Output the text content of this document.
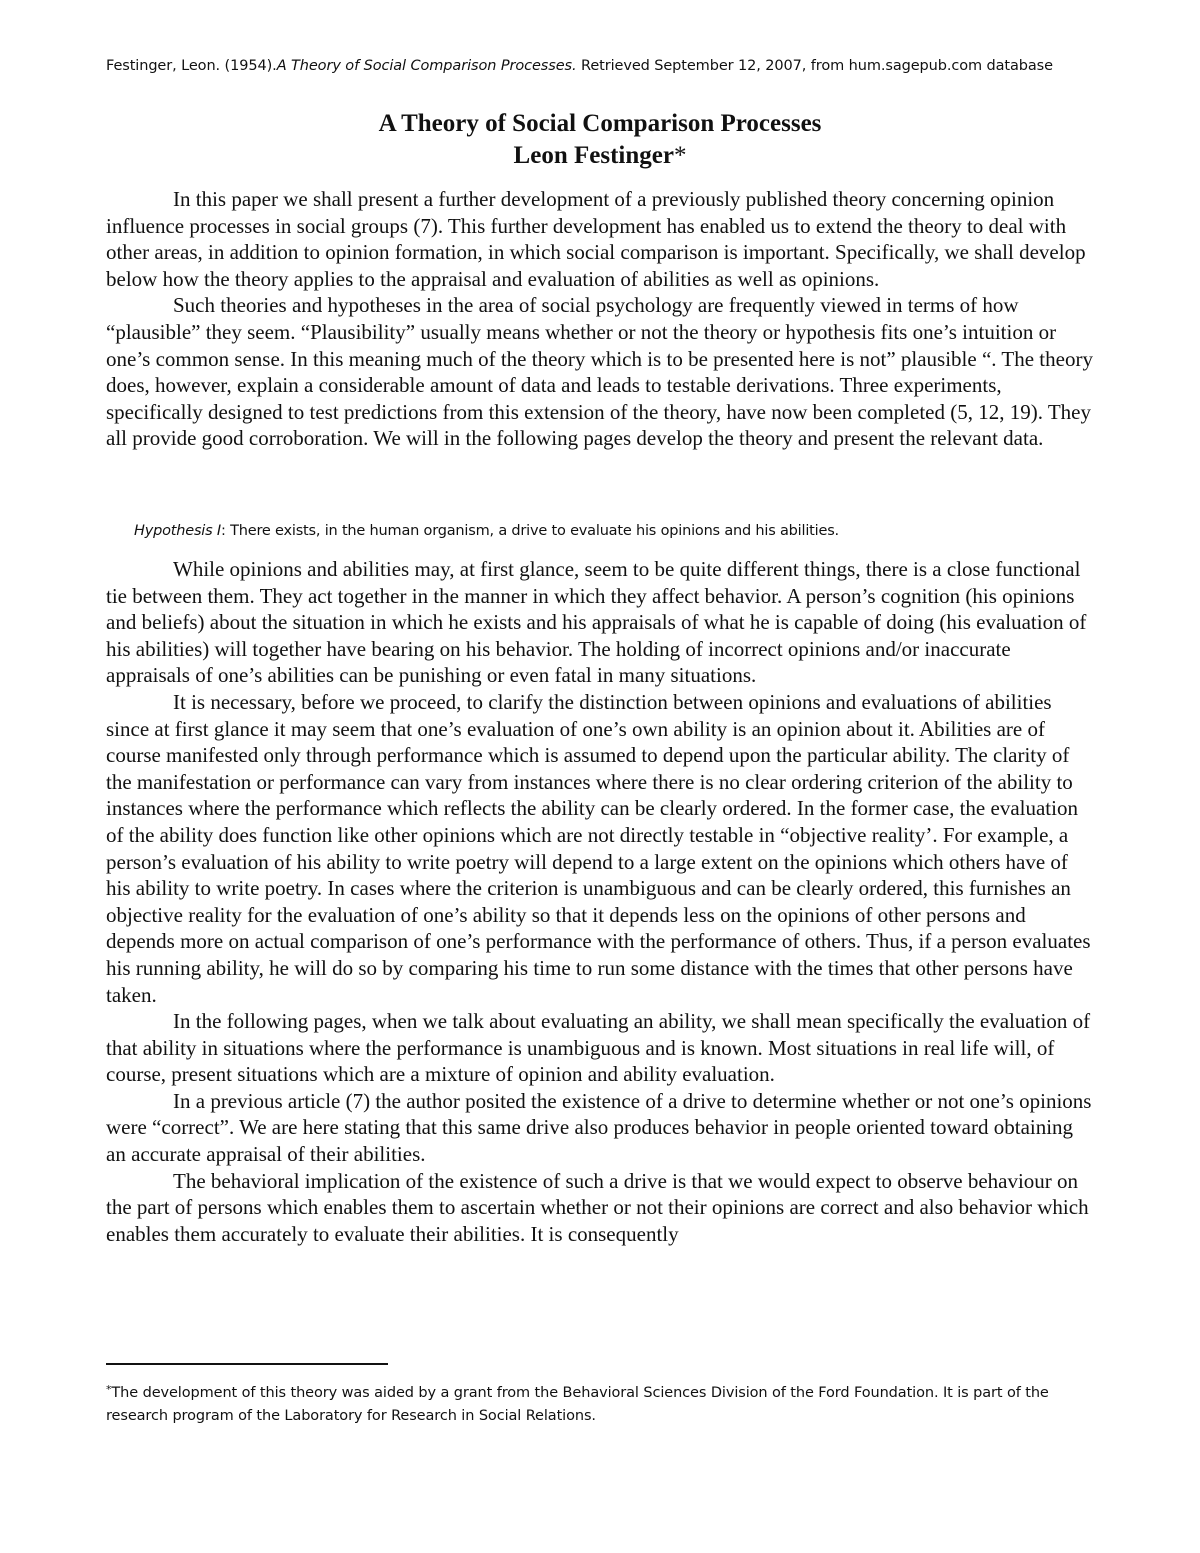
Festinger, Leon. (1954).A Theory of Social Comparison Processes. Retrieved September 12, 2007, from hum.sagepub.com database
A Theory of Social Comparison Processes
Leon Festinger*

In this paper we shall present a further development of a previously published theory concerning opinion influence processes in social groups (7). This further development has enabled us to extend the theory to deal with other areas, in addition to opinion formation, in which social comparison is important. Specifically, we shall develop below how the theory applies to the appraisal and evaluation of abilities as well as opinions.

Such theories and hypotheses in the area of social psychology are frequently viewed in terms of how “plausible” they seem. “Plausibility” usually means whether or not the theory or hypothesis fits one’s intuition or one’s common sense. In this meaning much of the theory which is to be presented here is not” plausible “. The theory does, however, explain a considerable amount of data and leads to testable derivations. Three experiments, specifically designed to test predictions from this extension of the theory, have now been completed (5, 12, 19). They all provide good corroboration. We will in the following pages develop the theory and present the relevant data.

Hypothesis I: There exists, in the human organism, a drive to evaluate his opinions and his abilities.

While opinions and abilities may, at first glance, seem to be quite different things, there is a close functional tie between them. They act together in the manner in which they affect behavior. A person’s cognition (his opinions and beliefs) about the situation in which he exists and his appraisals of what he is capable of doing (his evaluation of his abilities) will together have bearing on his behavior. The holding of incorrect opinions and/or inaccurate appraisals of one’s abilities can be punishing or even fatal in many situations.

It is necessary, before we proceed, to clarify the distinction between opinions and evaluations of abilities since at first glance it may seem that one’s evaluation of one’s own ability is an opinion about it. Abilities are of course manifested only through performance which is assumed to depend upon the particular ability. The clarity of the manifestation or performance can vary from instances where there is no clear ordering criterion of the ability to instances where the performance which reflects the ability can be clearly ordered. In the former case, the evaluation of the ability does function like other opinions which are not directly testable in “objective reality’. For example, a person’s evaluation of his ability to write poetry will depend to a large extent on the opinions which others have of his ability to write poetry. In cases where the criterion is unambiguous and can be clearly ordered, this furnishes an objective reality for the evaluation of one’s ability so that it depends less on the opinions of other persons and depends more on actual comparison of one’s performance with the performance of others. Thus, if a person evaluates his running ability, he will do so by comparing his time to run some distance with the times that other persons have taken.

In the following pages, when we talk about evaluating an ability, we shall mean specifically the evaluation of that ability in situations where the performance is unambiguous and is known. Most situations in real life will, of course, present situations which are a mixture of opinion and ability evaluation.

In a previous article (7) the author posited the existence of a drive to determine whether or not one’s opinions were “correct”. We are here stating that this same drive also produces behavior in people oriented toward obtaining an accurate appraisal of their abilities.

The behavioral implication of the existence of such a drive is that we would expect to observe behaviour on the part of persons which enables them to ascertain whether or not their opinions are correct and also behavior which enables them accurately to evaluate their abilities. It is consequently

*The development of this theory was aided by a grant from the Behavioral Sciences Division of the Ford Foundation. It is part of the research program of the Laboratory for Research in Social Relations.
